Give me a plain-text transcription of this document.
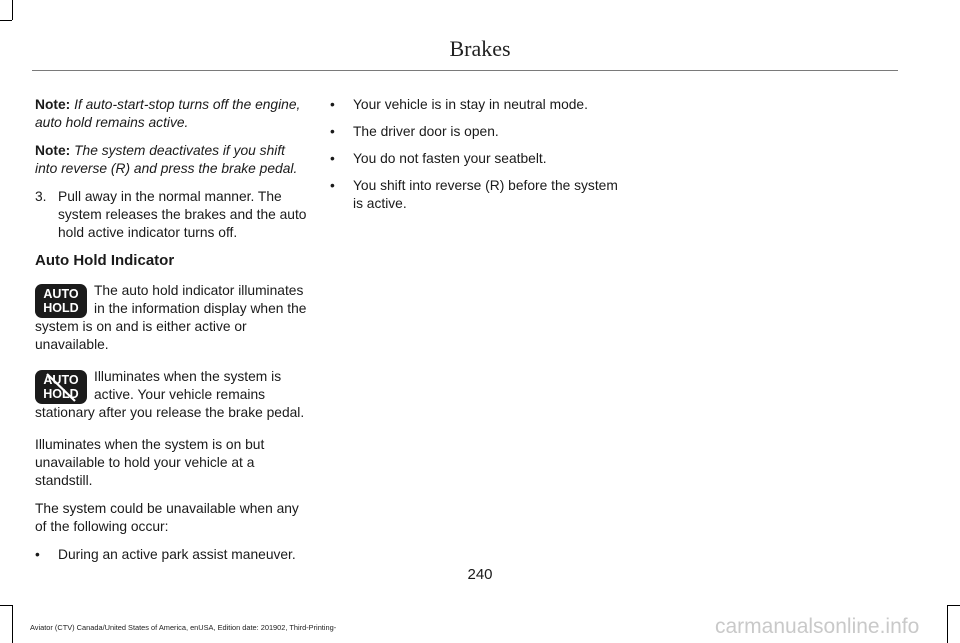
Brakes

Note: If auto-start-stop turns off the engine, auto hold remains active.

Note: The system deactivates if you shift into reverse (R) and press the brake pedal.

3. Pull away in the normal manner. The system releases the brakes and the auto hold active indicator turns off.
Auto Hold Indicator
AUTO
HOLD
The auto hold indicator illuminates in the information display when the system is on and is either active or unavailable.
AUTO
HOLD
Illuminates when the system is active. Your vehicle remains stationary after you release the brake pedal.

Illuminates when the system is on but unavailable to hold your vehicle at a standstill.

The system could be unavailable when any of the following occur:

•	During an active park assist maneuver.
•	Your vehicle is in stay in neutral mode.
•	The driver door is open.
•	You do not fasten your seatbelt.
•	You shift into reverse (R) before the system is active.
240
Aviator (CTV) Canada/United States of America, enUSA, Edition date: 201902, Third-Printing-	carmanualsonline.info
